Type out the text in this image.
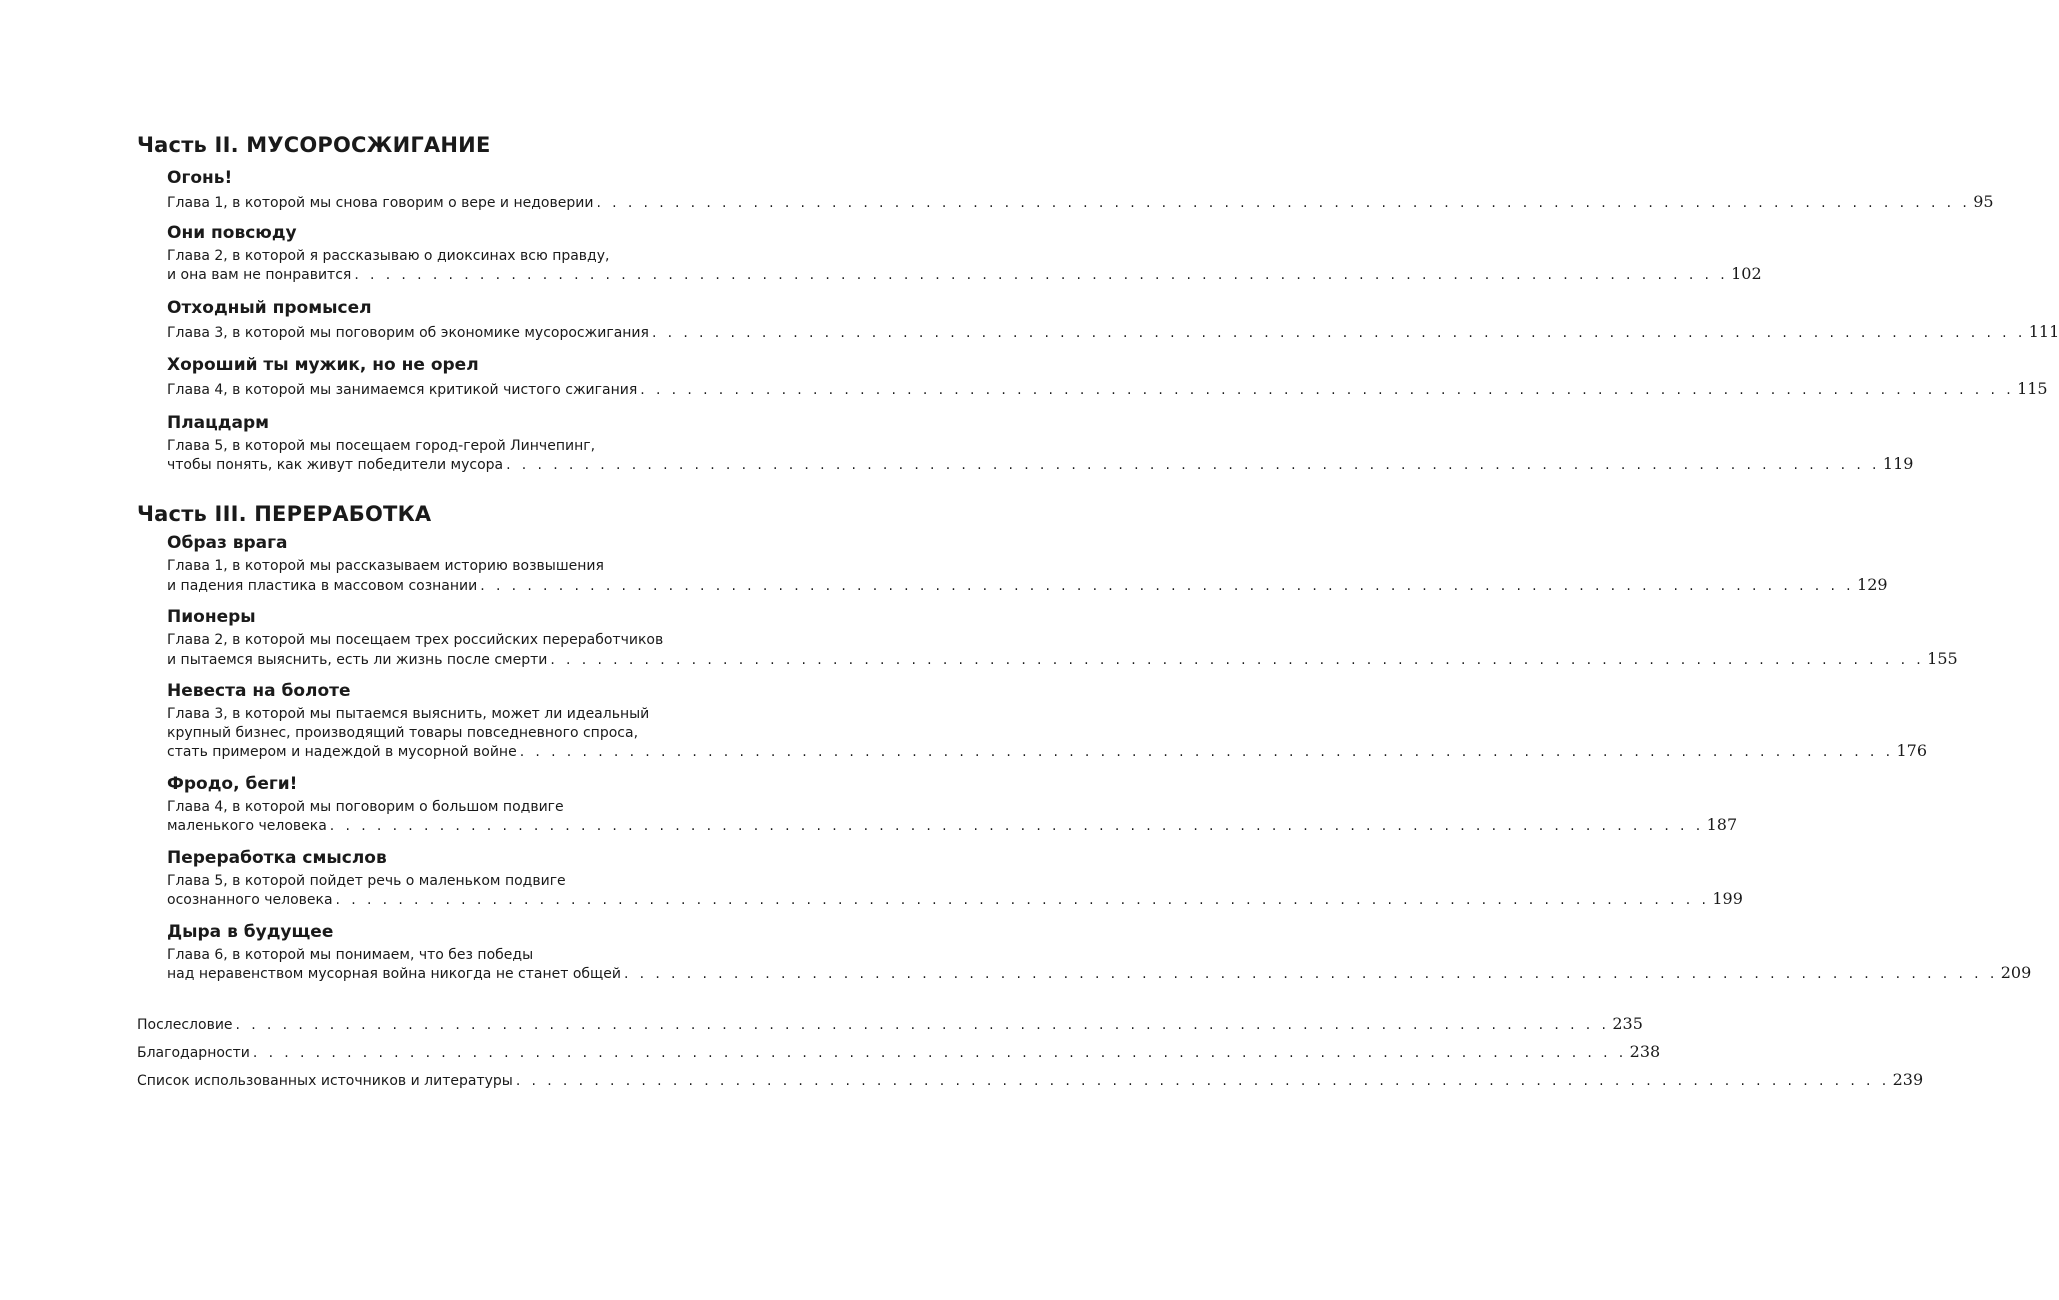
Часть II. МУСОРОСЖИГАНИЕ
Огонь!
Глава 1, в которой мы снова говорим о вере и недоверии . . . . . . . . . . . . . . . . . . . . . . . . . . . . . . . . . . . . . . . . . . . . . . . . . . . . . . . . . . . . . . . . . . . . . . . . . . . . . . . . . . . . . . . . 95
Они повсюду
Глава 2, в которой я рассказываю о диоксинах всю правду,
и она вам не понравится . . . . . . . . . . . . . . . . . . . . . . . . . . . . . . . . . . . . . . . . . . . . . . . . . . . . . . . . . . . . . . . . . . . . . . . . . . . . . . . . . . . . . . . . 102
Отходный промысел
Глава 3, в которой мы поговорим об экономике мусоросжигания . . . . . . . . . . . . . . . . . . . . . . . . . . . . . . . . . . . . . . . . . . . . . . . . . . . . . . . . . . . . . . . . . . . . . . . . . . . . . . . . . . . . . . . . 111
Хороший ты мужик, но не орел
Глава 4, в которой мы занимаемся критикой чистого сжигания . . . . . . . . . . . . . . . . . . . . . . . . . . . . . . . . . . . . . . . . . . . . . . . . . . . . . . . . . . . . . . . . . . . . . . . . . . . . . . . . . . . . . . . . 115
Плацдарм
Глава 5, в которой мы посещаем город-герой Линчепинг,
чтобы понять, как живут победители мусора . . . . . . . . . . . . . . . . . . . . . . . . . . . . . . . . . . . . . . . . . . . . . . . . . . . . . . . . . . . . . . . . . . . . . . . . . . . . . . . . . . . . . . . . 119
Часть III. ПЕРЕРАБОТКА
Образ врага
Глава 1, в которой мы рассказываем историю возвышения
и падения пластика в массовом сознании . . . . . . . . . . . . . . . . . . . . . . . . . . . . . . . . . . . . . . . . . . . . . . . . . . . . . . . . . . . . . . . . . . . . . . . . . . . . . . . . . . . . . . . . 129
Пионеры
Глава 2, в которой мы посещаем трех российских переработчиков
и пытаемся выяснить, есть ли жизнь после смерти . . . . . . . . . . . . . . . . . . . . . . . . . . . . . . . . . . . . . . . . . . . . . . . . . . . . . . . . . . . . . . . . . . . . . . . . . . . . . . . . . . . . . . . . 155
Невеста на болоте
Глава 3, в которой мы пытаемся выяснить, может ли идеальный
крупный бизнес, производящий товары повседневного спроса,
стать примером и надеждой в мусорной войне . . . . . . . . . . . . . . . . . . . . . . . . . . . . . . . . . . . . . . . . . . . . . . . . . . . . . . . . . . . . . . . . . . . . . . . . . . . . . . . . . . . . . . . . 176
Фродо, беги!
Глава 4, в которой мы поговорим о большом подвиге
маленького человека . . . . . . . . . . . . . . . . . . . . . . . . . . . . . . . . . . . . . . . . . . . . . . . . . . . . . . . . . . . . . . . . . . . . . . . . . . . . . . . . . . . . . . . . 187
Переработка смыслов
Глава 5, в которой пойдет речь о маленьком подвиге
осознанного человека . . . . . . . . . . . . . . . . . . . . . . . . . . . . . . . . . . . . . . . . . . . . . . . . . . . . . . . . . . . . . . . . . . . . . . . . . . . . . . . . . . . . . . . . 199
Дыра в будущее
Глава 6, в которой мы понимаем, что без победы
над неравенством мусорная война никогда не станет общей . . . . . . . . . . . . . . . . . . . . . . . . . . . . . . . . . . . . . . . . . . . . . . . . . . . . . . . . . . . . . . . . . . . . . . . . . . . . . . . . . . . . . . . . 209
Послесловие . . . . . . . . . . . . . . . . . . . . . . . . . . . . . . . . . . . . . . . . . . . . . . . . . . . . . . . . . . . . . . . . . . . . . . . . . . . . . . . . . . . . . . . . 235
Благодарности . . . . . . . . . . . . . . . . . . . . . . . . . . . . . . . . . . . . . . . . . . . . . . . . . . . . . . . . . . . . . . . . . . . . . . . . . . . . . . . . . . . . . . . . 238
Список использованных источников и литературы . . . . . . . . . . . . . . . . . . . . . . . . . . . . . . . . . . . . . . . . . . . . . . . . . . . . . . . . . . . . . . . . . . . . . . . . . . . . . . . . . . . . . . . . 239
